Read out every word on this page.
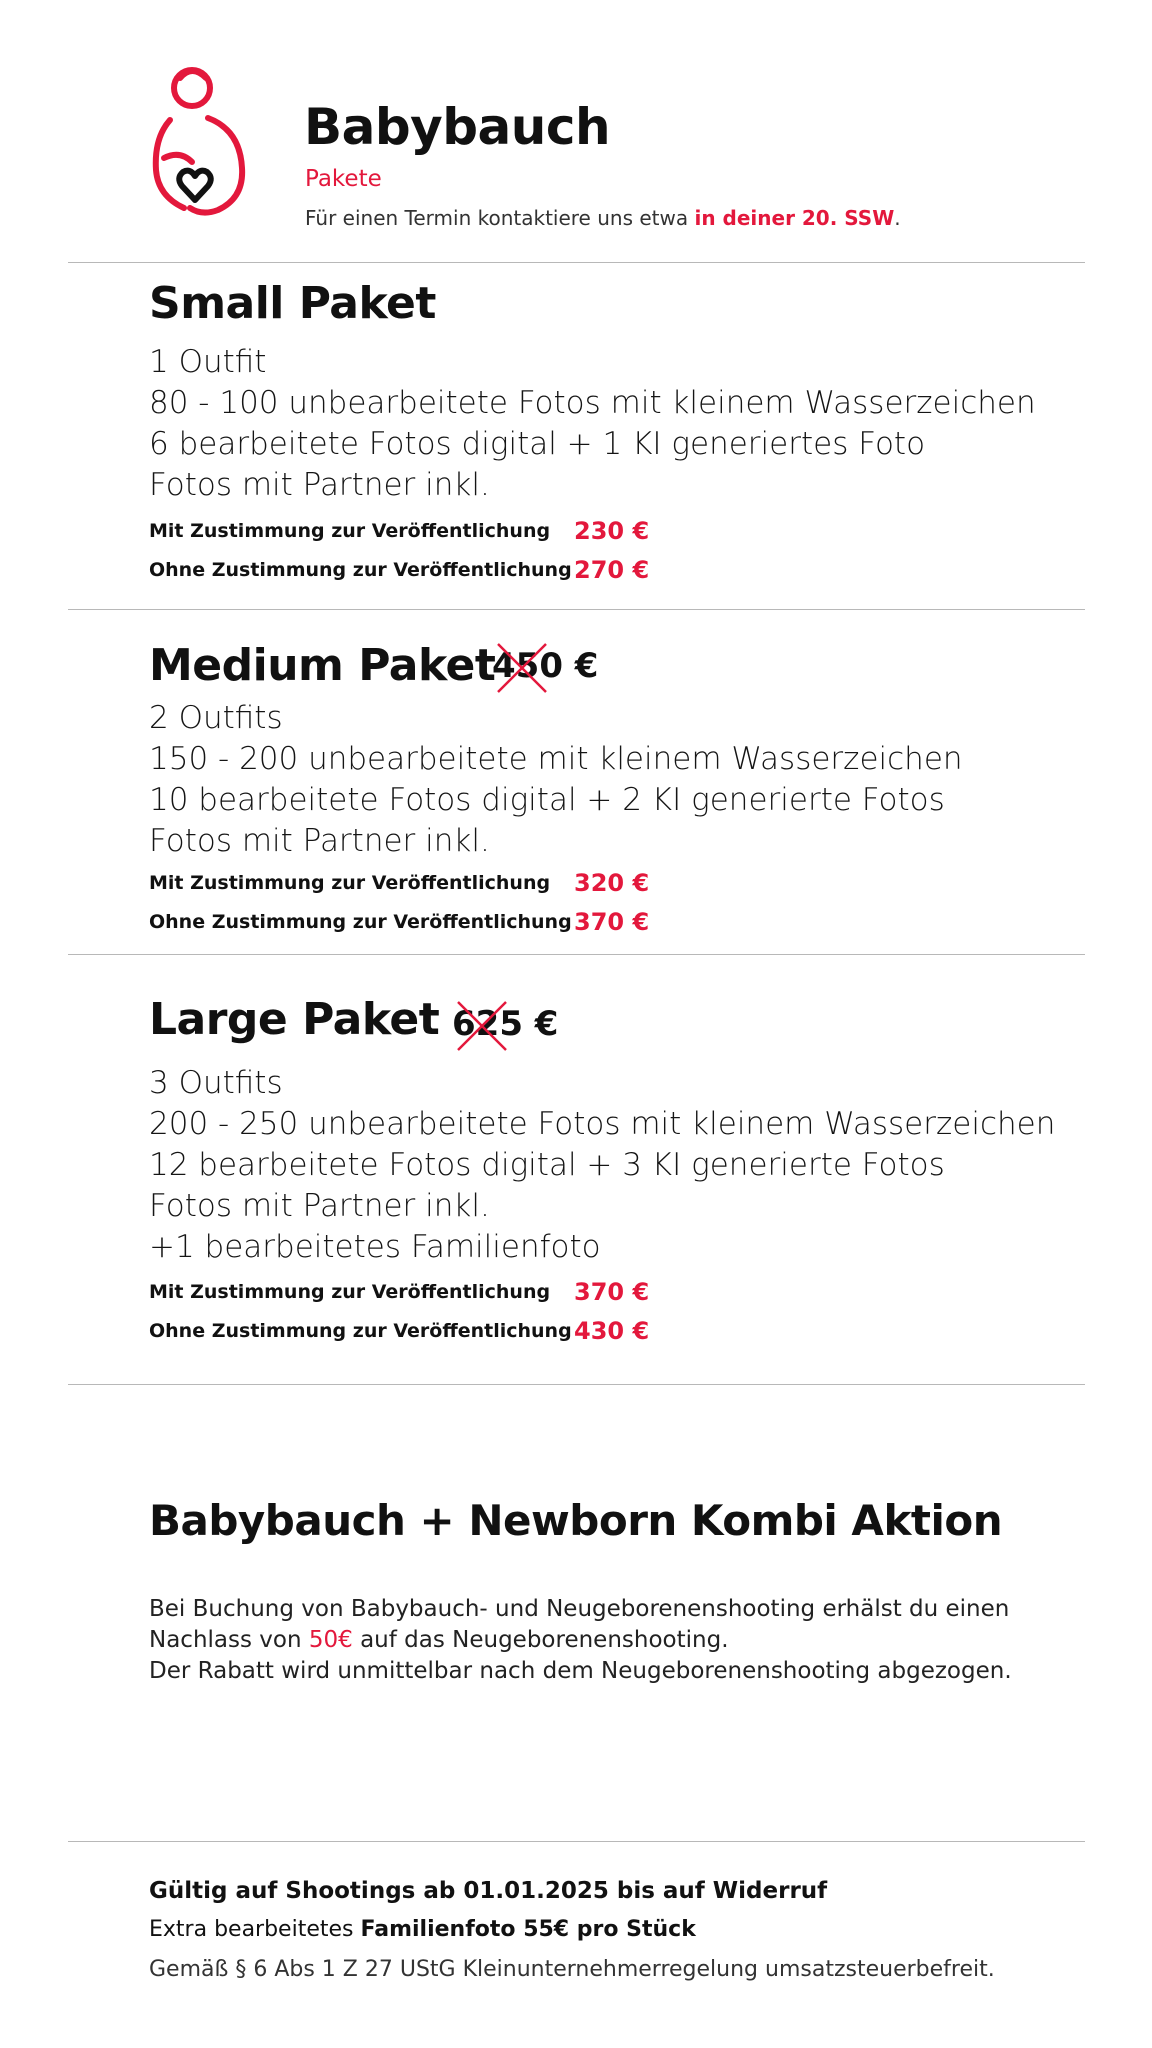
Babybauch
Pakete
Für einen Termin kontaktiere uns etwa in deiner 20. SSW.
Small Paket
1 Outfit
80 - 100 unbearbeitete Fotos mit kleinem Wasserzeichen
6 bearbeitete Fotos digital + 1 KI generiertes Foto
Fotos mit Partner inkl.
Mit Zustimmung zur Veröffentlichung 230 €
Ohne Zustimmung zur Veröffentlichung 270 €
Medium Paket
450 €
2 Outfits
150 - 200 unbearbeitete mit kleinem Wasserzeichen
10 bearbeitete Fotos digital + 2 KI generierte Fotos
Fotos mit Partner inkl.
Mit Zustimmung zur Veröffentlichung 320 €
Ohne Zustimmung zur Veröffentlichung 370 €
Large Paket 625 €
3 Outfits
200 - 250 unbearbeitete Fotos mit kleinem Wasserzeichen
12 bearbeitete Fotos digital + 3 KI generierte Fotos
Fotos mit Partner inkl.
+1 bearbeitetes Familienfoto
Mit Zustimmung zur Veröffentlichung 370 €
Ohne Zustimmung zur Veröffentlichung 430 €
Babybauch + Newborn Kombi Aktion
Bei Buchung von Babybauch- und Neugeborenenshooting erhälst du einen
Nachlass von 50€ auf das Neugeborenenshooting.
Der Rabatt wird unmittelbar nach dem Neugeborenenshooting abgezogen.
Gültig auf Shootings ab 01.01.2025 bis auf Widerruf
Extra bearbeitetes Familienfoto 55€ pro Stück
Gemäß § 6 Abs 1 Z 27 UStG Kleinunternehmerregelung umsatzsteuerbefreit.
